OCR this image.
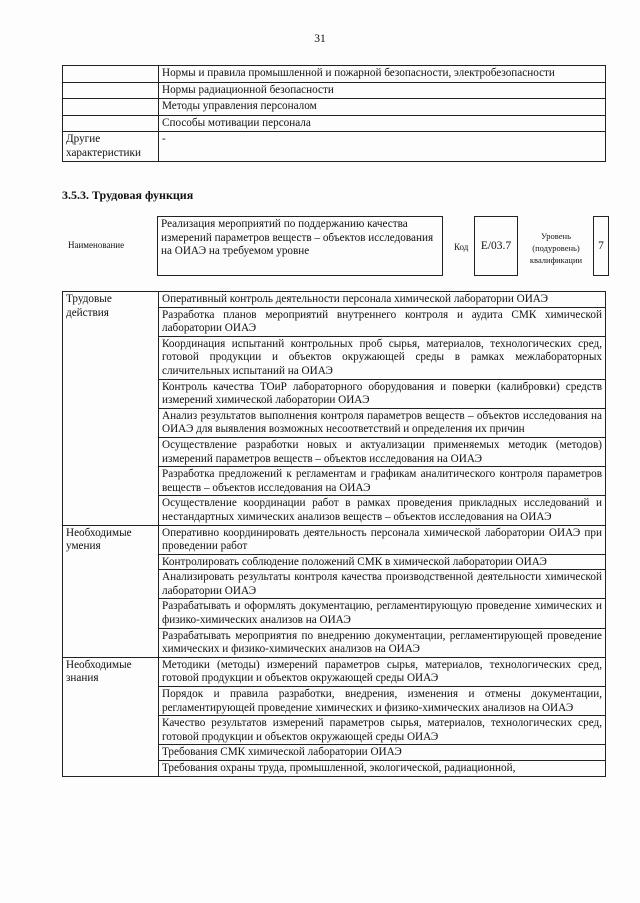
31
	Нормы и правила промышленной и пожарной безопасности, электробезопасности
	Нормы радиационной безопасности
	Методы управления персоналом
	Способы мотивации персонала
Другие характеристики	-
3.5.3. Трудовая функция
Наименование
Реализация мероприятий по поддержанию качества измерений параметров веществ – объектов исследования на ОИАЭ на требуемом уровне	Код	E/03.7
Уровень (подуровень) квалификации
7
Трудовые действия	Оперативный контроль деятельности персонала химической лаборатории ОИАЭ
	Разработка планов мероприятий внутреннего контроля и аудита СМК химической лаборатории ОИАЭ
	Координация испытаний контрольных проб сырья, материалов, технологических сред, готовой продукции и объектов окружающей среды в рамках межлабораторных сличительных испытаний на ОИАЭ
	Контроль качества ТОиР лабораторного оборудования и поверки (калибровки) средств измерений химической лаборатории ОИАЭ
	Анализ результатов выполнения контроля параметров веществ – объектов исследования на ОИАЭ для выявления возможных несоответствий и определения их причин
	Осуществление разработки новых и актуализации применяемых методик (методов) измерений параметров веществ – объектов исследования на ОИАЭ
	Разработка предложений к регламентам и графикам аналитического контроля параметров веществ – объектов исследования на ОИАЭ
	Осуществление координации работ в рамках проведения прикладных исследований и нестандартных химических анализов веществ – объектов исследования на ОИАЭ
Необходимые умения	Оперативно координировать деятельность персонала химической лаборатории ОИАЭ при проведении работ
	Контролировать соблюдение положений СМК в химической лаборатории ОИАЭ
	Анализировать результаты контроля качества производственной деятельности химической лаборатории ОИАЭ
	Разрабатывать и оформлять документацию, регламентирующую проведение химических и физико-химических анализов на ОИАЭ
	Разрабатывать мероприятия по внедрению документации, регламентирующей проведение химических и физико-химических анализов на ОИАЭ
Необходимые знания	Методики (методы) измерений параметров сырья, материалов, технологических сред, готовой продукции и объектов окружающей среды ОИАЭ
	Порядок и правила разработки, внедрения, изменения и отмены документации, регламентирующей проведение химических и физико-химических анализов на ОИАЭ
	Качество результатов измерений параметров сырья, материалов, технологических сред, готовой продукции и объектов окружающей среды ОИАЭ
	Требования СМК химической лаборатории ОИАЭ
	Требования охраны труда, промышленной, экологической, радиационной,
